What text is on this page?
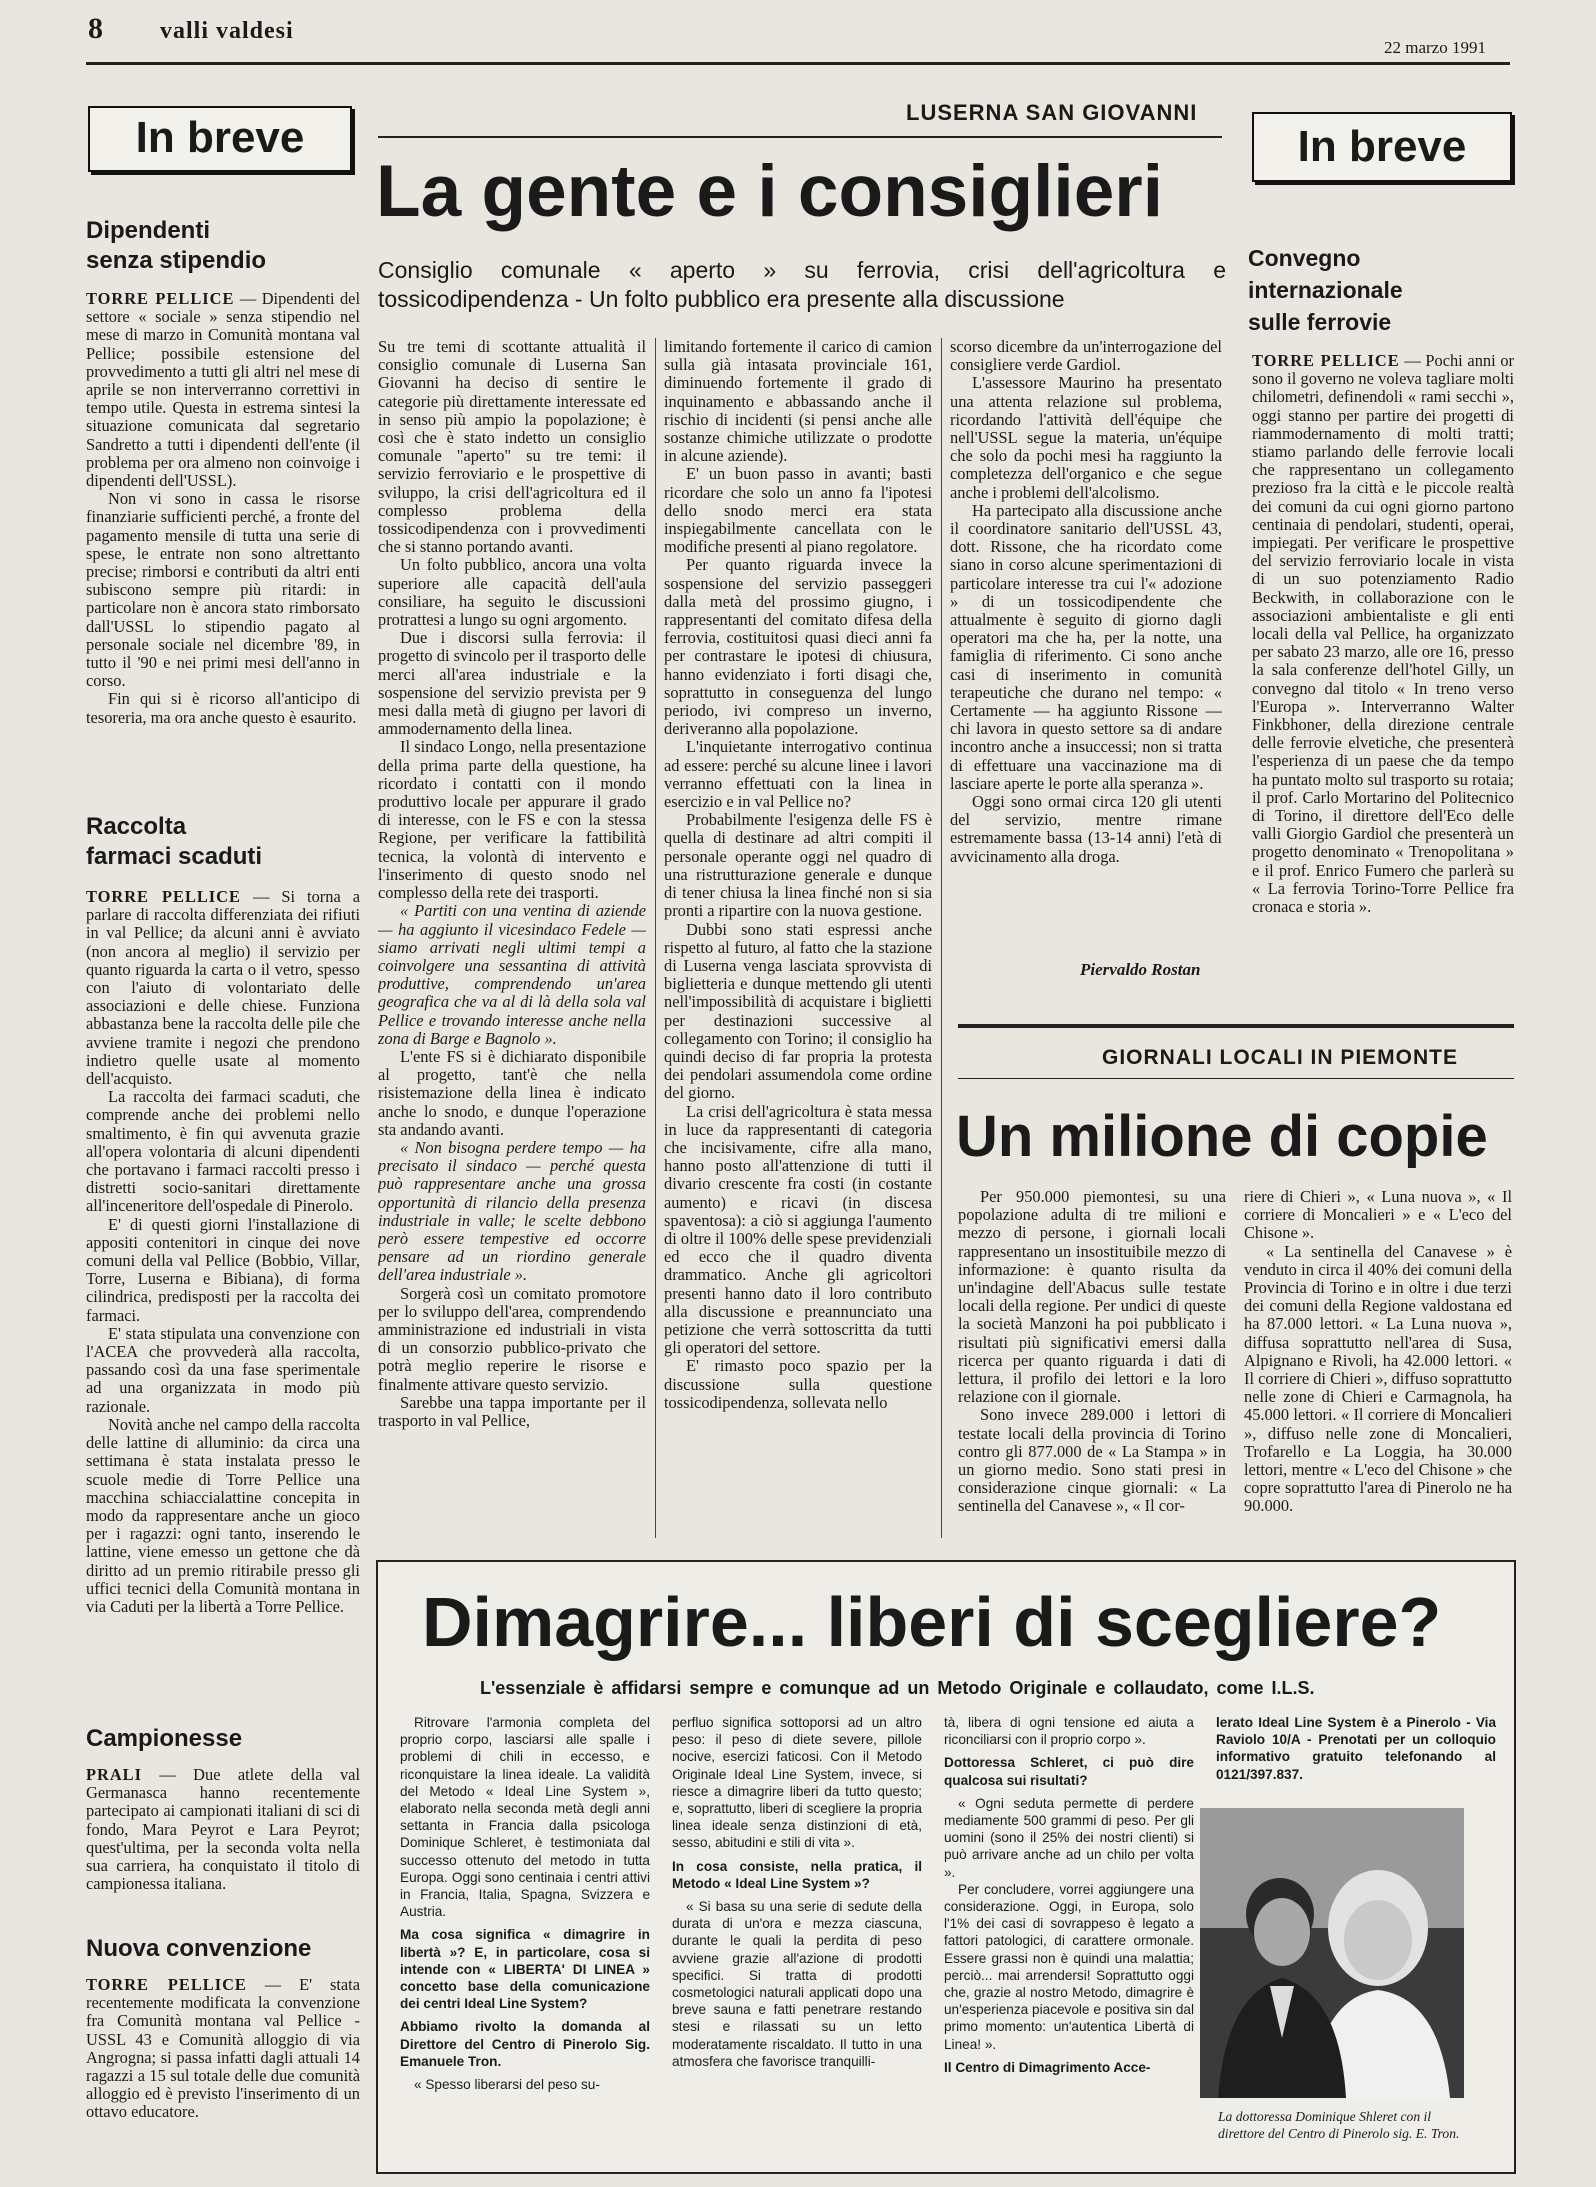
8 valli valdesi
22 marzo 1991
In breve
Dipendenti
senza stipendio

TORRE PELLICE — Dipendenti del settore « sociale » senza stipendio nel mese di marzo in Comunità montana val Pellice; possibile estensione del provvedimento a tutti gli altri nel mese di aprile se non interverranno correttivi in tempo utile. Questa in estrema sintesi la situazione comunicata dal segretario Sandretto a tutti i dipendenti dell'ente (il problema per ora almeno non coinvoige i dipendenti dell'USSL).

Non vi sono in cassa le risorse finanziarie sufficienti perché, a fronte del pagamento mensile di tutta una serie di spese, le entrate non sono altrettanto precise; rimborsi e contributi da altri enti subiscono sempre più ritardi: in particolare non è ancora stato rimborsato dall'USSL lo stipendio pagato al personale sociale nel dicembre '89, in tutto il '90 e nei primi mesi dell'anno in corso.

Fin qui si è ricorso all'anticipo di tesoreria, ma ora anche questo è esaurito.

Raccolta
farmaci scaduti

TORRE PELLICE — Si torna a parlare di raccolta differenziata dei rifiuti in val Pellice; da alcuni anni è avviato (non ancora al meglio) il servizio per quanto riguarda la carta o il vetro, spesso con l'aiuto di volontariato delle associazioni e delle chiese. Funziona abbastanza bene la raccolta delle pile che avviene tramite i negozi che prendono indietro quelle usate al momento dell'acquisto.

La raccolta dei farmaci scaduti, che comprende anche dei problemi nello smaltimento, è fin qui avvenuta grazie all'opera volontaria di alcuni dipendenti che portavano i farmaci raccolti presso i distretti socio-sanitari direttamente all'inceneritore dell'ospedale di Pinerolo.

E' di questi giorni l'installazione di appositi contenitori in cinque dei nove comuni della val Pellice (Bobbio, Villar, Torre, Luserna e Bibiana), di forma cilindrica, predisposti per la raccolta dei farmaci.

E' stata stipulata una convenzione con l'ACEA che provvederà alla raccolta, passando così da una fase sperimentale ad una organizzata in modo più razionale.

Novità anche nel campo della raccolta delle lattine di alluminio: da circa una settimana è stata instalata presso le scuole medie di Torre Pellice una macchina schiaccialattine concepita in modo da rappresentare anche un gioco per i ragazzi: ogni tanto, inserendo le lattine, viene emesso un gettone che dà diritto ad un premio ritirabile presso gli uffici tecnici della Comunità montana in via Caduti per la libertà a Torre Pellice.

Campionesse

PRALI — Due atlete della val Germanasca hanno recentemente partecipato ai campionati italiani di sci di fondo, Mara Peyrot e Lara Peyrot; quest'ultima, per la seconda volta nella sua carriera, ha conquistato il titolo di campionessa italiana.

Nuova convenzione

TORRE PELLICE — E' stata recentemente modificata la convenzione fra Comunità montana val Pellice - USSL 43 e Comunità alloggio di via Angrogna; si passa infatti dagli attuali 14 ragazzi a 15 sul totale delle due comunità alloggio ed è previsto l'inserimento di un ottavo educatore.

LUSERNA SAN GIOVANNI
La gente e i consiglieri
Consiglio comunale « aperto » su ferrovia, crisi dell'agricoltura e tossicodipendenza - Un folto pubblico era presente alla discussione

Su tre temi di scottante attualità il consiglio comunale di Luserna San Giovanni ha deciso di sentire le categorie più direttamente interessate ed in senso più ampio la popolazione; è così che è stato indetto un consiglio comunale "aperto" su tre temi: il servizio ferroviario e le prospettive di sviluppo, la crisi dell'agricoltura ed il complesso problema della tossicodipendenza con i provvedimenti che si stanno portando avanti.

Un folto pubblico, ancora una volta superiore alle capacità dell'aula consiliare, ha seguito le discussioni protrattesi a lungo su ogni argomento.

Due i discorsi sulla ferrovia: il progetto di svincolo per il trasporto delle merci all'area industriale e la sospensione del servizio prevista per 9 mesi dalla metà di giugno per lavori di ammodernamento della linea.

Il sindaco Longo, nella presentazione della prima parte della questione, ha ricordato i contatti con il mondo produttivo locale per appurare il grado di interesse, con le FS e con la stessa Regione, per verificare la fattibilità tecnica, la volontà di intervento e l'inserimento di questo snodo nel complesso della rete dei trasporti.

« Partiti con una ventina di aziende — ha aggiunto il vicesindaco Fedele — siamo arrivati negli ultimi tempi a coinvolgere una sessantina di attività produttive, comprendendo un'area geografica che va al di là della sola val Pellice e trovando interesse anche nella zona di Barge e Bagnolo ».

L'ente FS si è dichiarato disponibile al progetto, tant'è che nella risistemazione della linea è indicato anche lo snodo, e dunque l'operazione sta andando avanti.

« Non bisogna perdere tempo — ha precisato il sindaco — perché questa può rappresentare anche una grossa opportunità di rilancio della presenza industriale in valle; le scelte debbono però essere tempestive ed occorre pensare ad un riordino generale dell'area industriale ».

Sorgerà così un comitato promotore per lo sviluppo dell'area, comprendendo amministrazione ed industriali in vista di un consorzio pubblico-privato che potrà meglio reperire le risorse e finalmente attivare questo servizio.

Sarebbe una tappa importante per il trasporto in val Pellice,

limitando fortemente il carico di camion sulla già intasata provinciale 161, diminuendo fortemente il grado di inquinamento e abbassando anche il rischio di incidenti (si pensi anche alle sostanze chimiche utilizzate o prodotte in alcune aziende).

E' un buon passo in avanti; basti ricordare che solo un anno fa l'ipotesi dello snodo merci era stata inspiegabilmente cancellata con le modifiche presenti al piano regolatore.

Per quanto riguarda invece la sospensione del servizio passeggeri dalla metà del prossimo giugno, i rappresentanti del comitato difesa della ferrovia, costituitosi quasi dieci anni fa per contrastare le ipotesi di chiusura, hanno evidenziato i forti disagi che, soprattutto in conseguenza del lungo periodo, ivi compreso un inverno, deriveranno alla popolazione.

L'inquietante interrogativo continua ad essere: perché su alcune linee i lavori verranno effettuati con la linea in esercizio e in val Pellice no?

Probabilmente l'esigenza delle FS è quella di destinare ad altri compiti il personale operante oggi nel quadro di una ristrutturazione generale e dunque di tener chiusa la linea finché non si sia pronti a ripartire con la nuova gestione.

Dubbi sono stati espressi anche rispetto al futuro, al fatto che la stazione di Luserna venga lasciata sprovvista di biglietteria e dunque mettendo gli utenti nell'impossibilità di acquistare i biglietti per destinazioni successive al collegamento con Torino; il consiglio ha quindi deciso di far propria la protesta dei pendolari assumendola come ordine del giorno.

La crisi dell'agricoltura è stata messa in luce da rappresentanti di categoria che incisivamente, cifre alla mano, hanno posto all'attenzione di tutti il divario crescente fra costi (in costante aumento) e ricavi (in discesa spaventosa): a ciò si aggiunga l'aumento di oltre il 100% delle spese previdenziali ed ecco che il quadro diventa drammatico. Anche gli agricoltori presenti hanno dato il loro contributo alla discussione e preannunciato una petizione che verrà sottoscritta da tutti gli operatori del settore.

E' rimasto poco spazio per la discussione sulla questione tossicodipendenza, sollevata nello

scorso dicembre da un'interrogazione del consigliere verde Gardiol.

L'assessore Maurino ha presentato una attenta relazione sul problema, ricordando l'attività dell'équipe che nell'USSL segue la materia, un'équipe che solo da pochi mesi ha raggiunto la completezza dell'organico e che segue anche i problemi dell'alcolismo.

Ha partecipato alla discussione anche il coordinatore sanitario dell'USSL 43, dott. Rissone, che ha ricordato come siano in corso alcune sperimentazioni di particolare interesse tra cui l'« adozione » di un tossicodipendente che attualmente è seguito di giorno dagli operatori ma che ha, per la notte, una famiglia di riferimento. Ci sono anche casi di inserimento in comunità terapeutiche che durano nel tempo: « Certamente — ha aggiunto Rissone — chi lavora in questo settore sa di andare incontro anche a insuccessi; non si tratta di effettuare una vaccinazione ma di lasciare aperte le porte alla speranza ».

Oggi sono ormai circa 120 gli utenti del servizio, mentre rimane estremamente bassa (13-14 anni) l'età di avvicinamento alla droga.

Piervaldo Rostan
In breve
Convegno
internazionale
sulle ferrovie

TORRE PELLICE — Pochi anni or sono il governo ne voleva tagliare molti chilometri, definendoli « rami secchi », oggi stanno per partire dei progetti di riammodernamento di molti tratti; stiamo parlando delle ferrovie locali che rappresentano un collegamento prezioso fra la città e le piccole realtà dei comuni da cui ogni giorno partono centinaia di pendolari, studenti, operai, impiegati. Per verificare le prospettive del servizio ferroviario locale in vista di un suo potenziamento Radio Beckwith, in collaborazione con le associazioni ambientaliste e gli enti locali della val Pellice, ha organizzato per sabato 23 marzo, alle ore 16, presso la sala conferenze dell'hotel Gilly, un convegno dal titolo « In treno verso l'Europa ». Interverranno Walter Finkbhoner, della direzione centrale delle ferrovie elvetiche, che presenterà l'esperienza di un paese che da tempo ha puntato molto sul trasporto su rotaia; il prof. Carlo Mortarino del Politecnico di Torino, il direttore dell'Eco delle valli Giorgio Gardiol che presenterà un progetto denominato « Trenopolitana » e il prof. Enrico Fumero che parlerà su « La ferrovia Torino-Torre Pellice fra cronaca e storia ».

GIORNALI LOCALI IN PIEMONTE
Un milione di copie

Per 950.000 piemontesi, su una popolazione adulta di tre milioni e mezzo di persone, i giornali locali rappresentano un insostituibile mezzo di informazione: è quanto risulta da un'indagine dell'Abacus sulle testate locali della regione. Per undici di queste la società Manzoni ha poi pubblicato i risultati più significativi emersi dalla ricerca per quanto riguarda i dati di lettura, il profilo dei lettori e la loro relazione con il giornale.

Sono invece 289.000 i lettori di testate locali della provincia di Torino contro gli 877.000 de « La Stampa » in un giorno medio. Sono stati presi in considerazione cinque giornali: « La sentinella del Canavese », « Il cor-

riere di Chieri », « Luna nuova », « Il corriere di Moncalieri » e « L'eco del Chisone ».

« La sentinella del Canavese » è venduto in circa il 40% dei comuni della Provincia di Torino e in oltre i due terzi dei comuni della Regione valdostana ed ha 87.000 lettori. « La Luna nuova », diffusa soprattutto nell'area di Susa, Alpignano e Rivoli, ha 42.000 lettori. « Il corriere di Chieri », diffuso soprattutto nelle zone di Chieri e Carmagnola, ha 45.000 lettori. « Il corriere di Moncalieri », diffuso nelle zone di Moncalieri, Trofarello e La Loggia, ha 30.000 lettori, mentre « L'eco del Chisone » che copre soprattutto l'area di Pinerolo ne ha 90.000.

Dimagrire... liberi di scegliere?
L'essenziale è affidarsi sempre e comunque ad un Metodo Originale e collaudato, come I.L.S.

Ritrovare l'armonia completa del proprio corpo, lasciarsi alle spalle i problemi di chili in eccesso, e riconquistare la linea ideale. La validità del Metodo « Ideal Line System », elaborato nella seconda metà degli anni settanta in Francia dalla psicologa Dominique Schleret, è testimoniata dal successo ottenuto del metodo in tutta Europa. Oggi sono centinaia i centri attivi in Francia, Italia, Spagna, Svizzera e Austria.

Ma cosa significa « dimagrire in libertà »? E, in particolare, cosa si intende con « LIBERTA' DI LINEA » concetto base della comunicazione dei centri Ideal Line System?

Abbiamo rivolto la domanda al Direttore del Centro di Pinerolo Sig. Emanuele Tron.

« Spesso liberarsi del peso su-

perfluo significa sottoporsi ad un altro peso: il peso di diete severe, pillole nocive, esercizi faticosi. Con il Metodo Originale Ideal Line System, invece, si riesce a dimagrire liberi da tutto questo; e, soprattutto, liberi di scegliere la propria linea ideale senza distinzioni di età, sesso, abitudini e stili di vita ».

In cosa consiste, nella pratica, il Metodo « Ideal Line System »?

« Si basa su una serie di sedute della durata di un'ora e mezza ciascuna, durante le quali la perdita di peso avviene grazie all'azione di prodotti specifici. Si tratta di prodotti cosmetologici naturali applicati dopo una breve sauna e fatti penetrare restando stesi e rilassati su un letto moderatamente riscaldato. Il tutto in una atmosfera che favorisce tranquilli-

tà, libera di ogni tensione ed aiuta a riconciliarsi con il proprio corpo ».

Dottoressa Schleret, ci può dire qualcosa sui risultati?

« Ogni seduta permette di perdere mediamente 500 grammi di peso. Per gli uomini (sono il 25% dei nostri clienti) si può arrivare anche ad un chilo per volta ».

Per concludere, vorrei aggiungere una considerazione. Oggi, in Europa, solo l'1% dei casi di sovrappeso è legato a fattori patologici, di carattere ormonale. Essere grassi non è quindi una malattia; perciò... mai arrendersi! Soprattutto oggi che, grazie al nostro Metodo, dimagrire è un'esperienza piacevole e positiva sin dal primo momento: un'autentica Libertà di Linea! ».

Il Centro di Dimagrimento Acce-

lerato Ideal Line System è a Pinerolo - Via Raviolo 10/A - Prenotati per un colloquio informativo gratuito telefonando al 0121/397.837.
La dottoressa Dominique Shleret con il direttore del Centro di Pinerolo sig. E. Tron.
